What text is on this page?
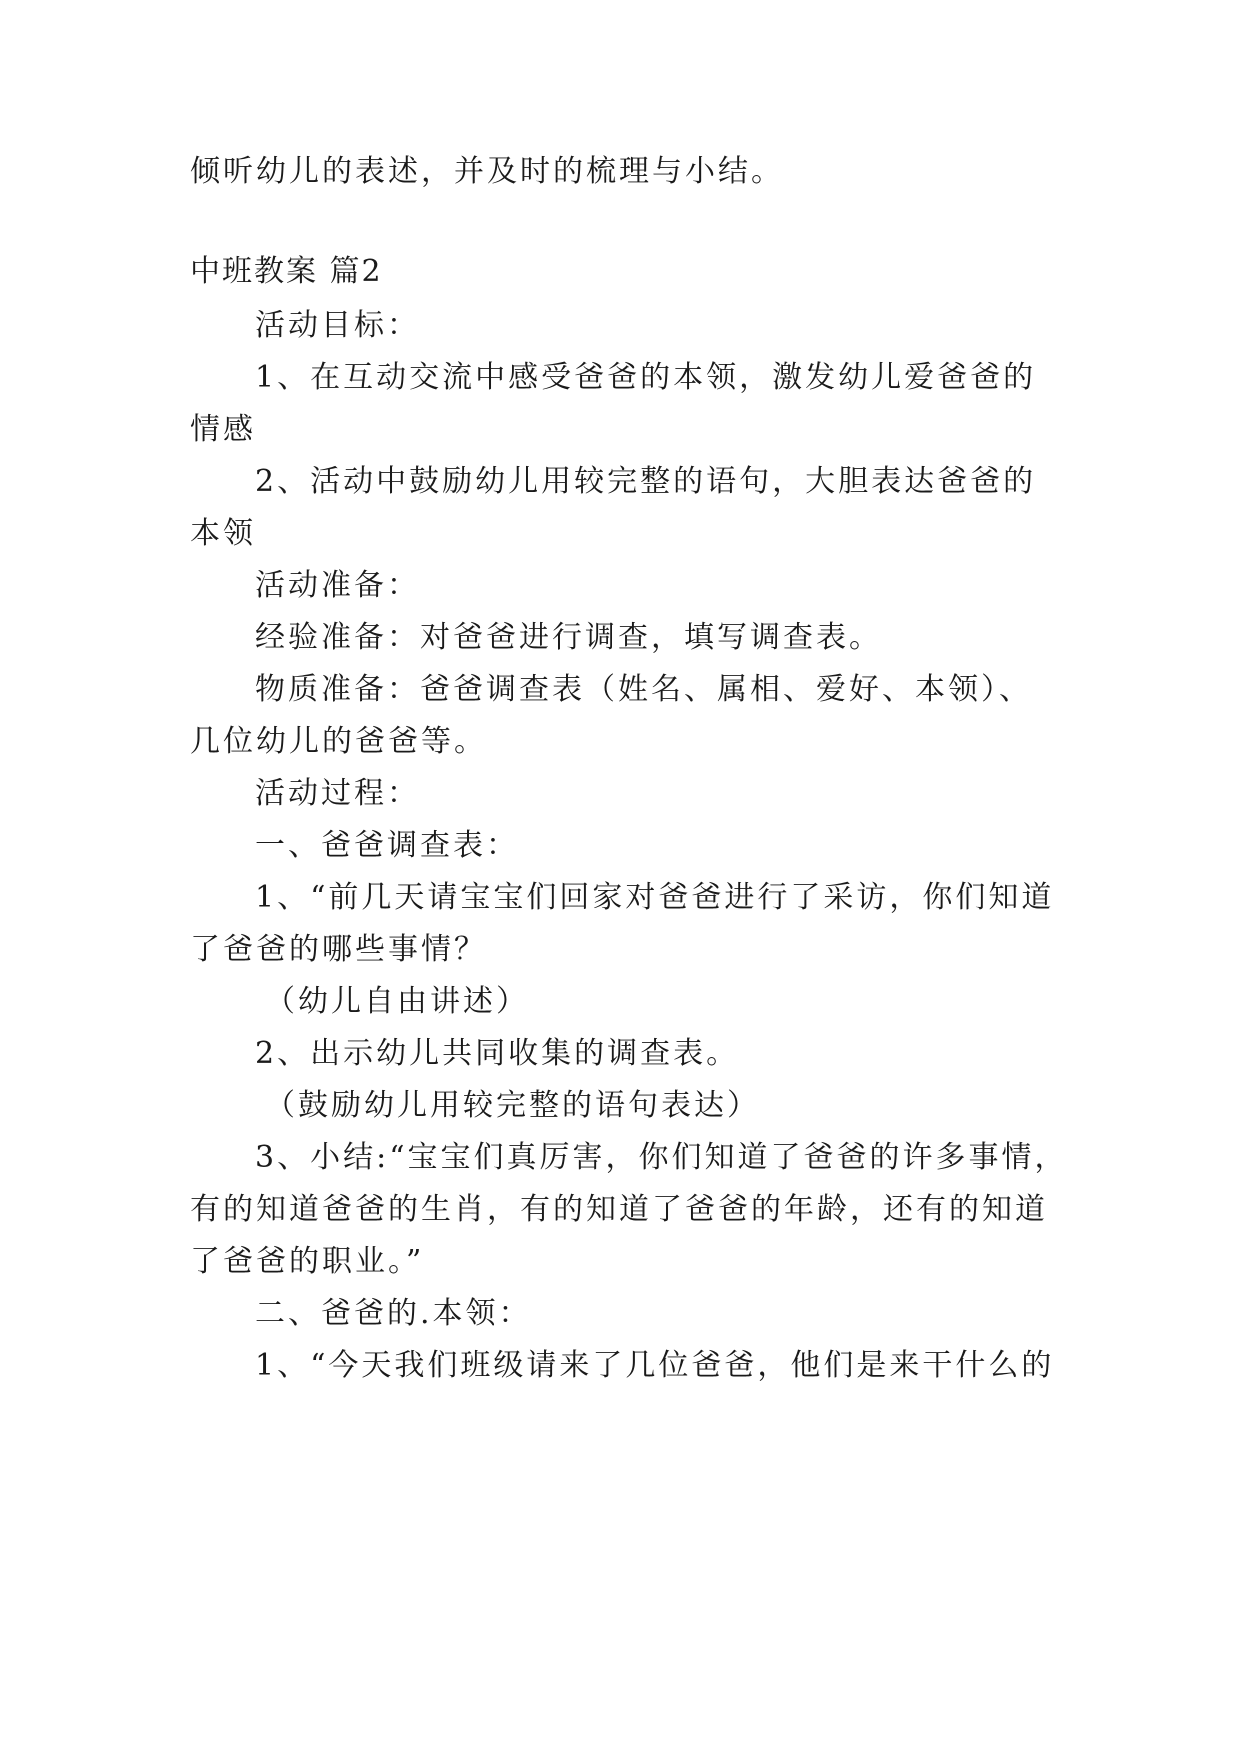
倾听幼儿的表述，并及时的梳理与小结。
中班教案 篇2
活动目标：
1、在互动交流中感受爸爸的本领，激发幼儿爱爸爸的
情感
2、活动中鼓励幼儿用较完整的语句，大胆表达爸爸的
本领
活动准备：
经验准备：对爸爸进行调查，填写调查表。
物质准备：爸爸调查表（姓名、属相、爱好、本领）、
几位幼儿的爸爸等。
活动过程：
一、爸爸调查表：
1、“前几天请宝宝们回家对爸爸进行了采访，你们知道
了爸爸的哪些事情？
（幼儿自由讲述）
2、出示幼儿共同收集的调查表。
（鼓励幼儿用较完整的语句表达）
3、小结:“宝宝们真厉害，你们知道了爸爸的许多事情，
有的知道爸爸的生肖，有的知道了爸爸的年龄，还有的知道
了爸爸的职业。”
二、爸爸的.本领：
1、“今天我们班级请来了几位爸爸，他们是来干什么的
